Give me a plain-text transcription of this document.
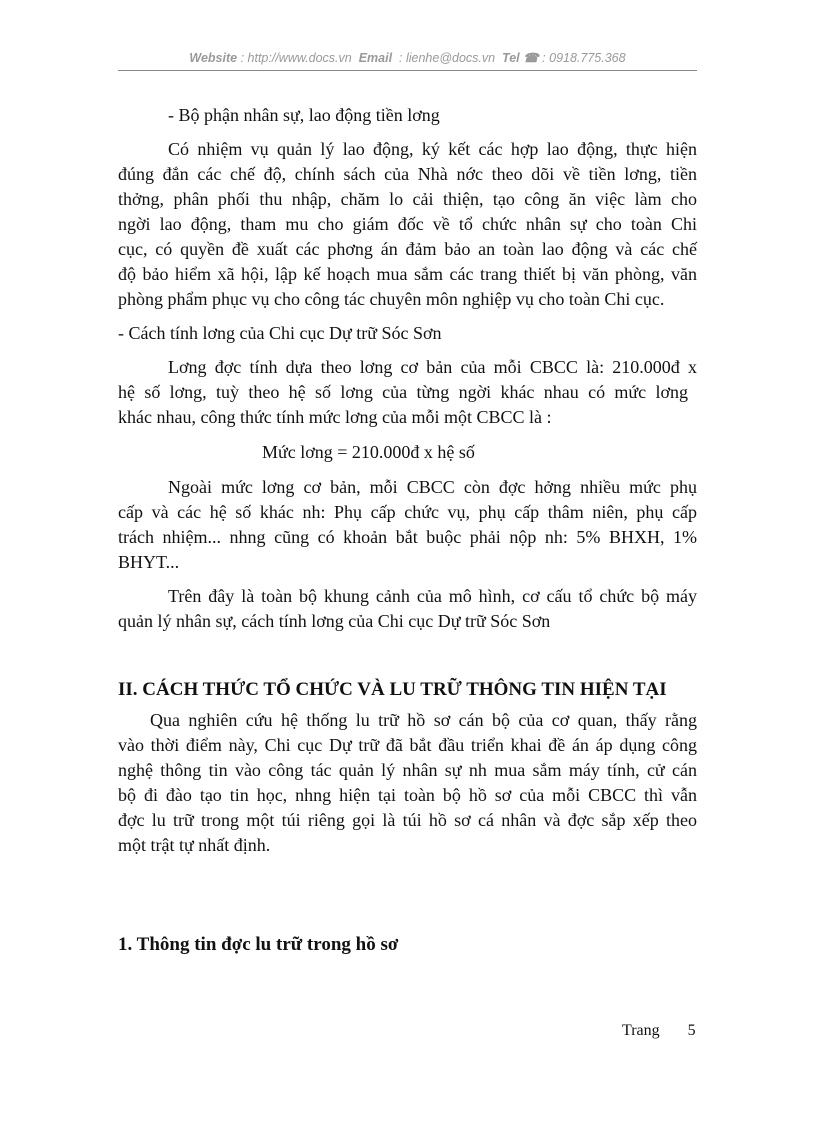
Website : http://www.docs.vn Email : lienhe@docs.vn Tel ☎ : 0918.775.368
- Bộ phận nhân sự, lao động tiền lơng
Có nhiệm vụ quản lý lao động, ký kết các hợp lao động, thực hiện
đúng đắn các chế độ, chính sách của Nhà nớc theo dõi về tiền lơng, tiền
thởng, phân phối thu nhập, chăm lo cải thiện, tạo công ăn việc làm cho
ngời lao động, tham mu cho giám đốc về tổ chức nhân sự cho toàn Chi
cục, có quyền đề xuất các phơng án đảm bảo an toàn lao động và các chế
độ bảo hiểm xã hội, lập kế hoạch mua sắm các trang thiết bị văn phòng, văn
phòng phẩm phục vụ cho công tác chuyên môn nghiệp vụ cho toàn Chi cục.
- Cách tính lơng của Chi cục Dự trữ Sóc Sơn
Lơng đợc tính dựa theo lơng cơ bản của mỗi CBCC là: 210.000đ x
hệ số lơng, tuỳ theo hệ số lơng của từng ngời khác nhau có mức lơng
khác nhau, công thức tính mức lơng của mỗi một CBCC là :
Mức lơng = 210.000đ x hệ số
Ngoài mức lơng cơ bản, mỗi CBCC còn đợc hởng nhiều mức phụ
cấp và các hệ số khác nh: Phụ cấp chức vụ, phụ cấp thâm niên, phụ cấp
trách nhiệm... nhng cũng có khoản bắt buộc phải nộp nh: 5% BHXH, 1%
BHYT...
Trên đây là toàn bộ khung cảnh của mô hình, cơ cấu tổ chức bộ máy
quản lý nhân sự, cách tính lơng của Chi cục Dự trữ Sóc Sơn
II. CÁCH THỨC TỔ CHỨC VÀ LU TRỮ THÔNG TIN HIỆN TẠI
Qua nghiên cứu hệ thống lu trữ hồ sơ cán bộ của cơ quan, thấy rằng
vào thời điểm này, Chi cục Dự trữ đã bắt đầu triển khai đề án áp dụng công
nghệ thông tin vào công tác quản lý nhân sự nh mua sắm máy tính, cử cán
bộ đi đào tạo tin học, nhng hiện tại toàn bộ hồ sơ của mỗi CBCC thì vẫn
đợc lu trữ trong một túi riêng gọi là túi hồ sơ cá nhân và đợc sắp xếp theo
một trật tự nhất định.
1. Thông tin đợc lu trữ trong hồ sơ
Trang 5
